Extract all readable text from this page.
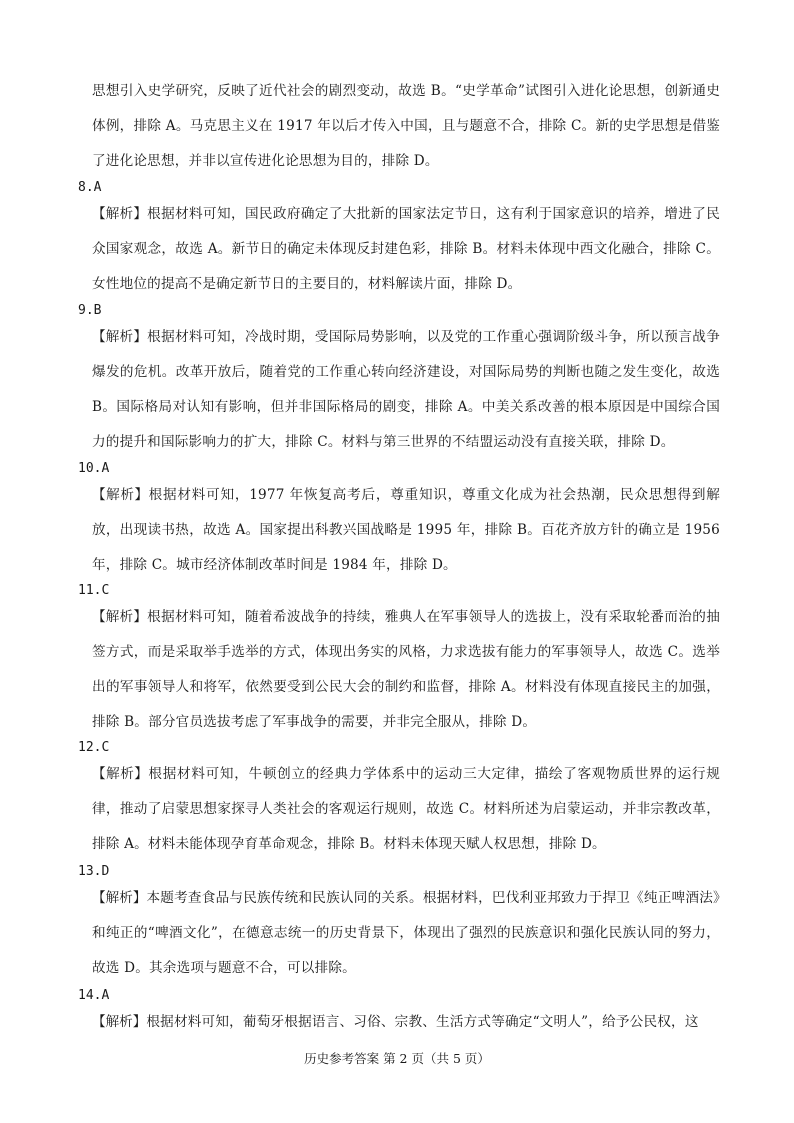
思想引入史学研究，反映了近代社会的剧烈变动，故选 B。“史学革命”试图引入进化论思想，创新通史体例，排除 A。马克思主义在 1917 年以后才传入中国，且与题意不合，排除 C。新的史学思想是借鉴了进化论思想，并非以宣传进化论思想为目的，排除 D。

8.A

【解析】根据材料可知，国民政府确定了大批新的国家法定节日，这有利于国家意识的培养，增进了民众国家观念，故选 A。新节日的确定未体现反封建色彩，排除 B。材料未体现中西文化融合，排除 C。女性地位的提高不是确定新节日的主要目的，材料解读片面，排除 D。

9.B

【解析】根据材料可知，冷战时期，受国际局势影响，以及党的工作重心强调阶级斗争，所以预言战争爆发的危机。改革开放后，随着党的工作重心转向经济建设，对国际局势的判断也随之发生变化，故选 B。国际格局对认知有影响，但并非国际格局的剧变，排除 A。中美关系改善的根本原因是中国综合国力的提升和国际影响力的扩大，排除 C。材料与第三世界的不结盟运动没有直接关联，排除 D。

10.A

【解析】根据材料可知，1977 年恢复高考后，尊重知识，尊重文化成为社会热潮，民众思想得到解放，出现读书热，故选 A。国家提出科教兴国战略是 1995 年，排除 B。百花齐放方针的确立是 1956 年，排除 C。城市经济体制改革时间是 1984 年，排除 D。

11.C

【解析】根据材料可知，随着希波战争的持续，雅典人在军事领导人的选拔上，没有采取轮番而治的抽签方式，而是采取举手选举的方式，体现出务实的风格，力求选拔有能力的军事领导人，故选 C。选举出的军事领导人和将军，依然要受到公民大会的制约和监督，排除 A。材料没有体现直接民主的加强，排除 B。部分官员选拔考虑了军事战争的需要，并非完全服从，排除 D。

12.C

【解析】根据材料可知，牛顿创立的经典力学体系中的运动三大定律，描绘了客观物质世界的运行规律，推动了启蒙思想家探寻人类社会的客观运行规则，故选 C。材料所述为启蒙运动，并非宗教改革，排除 A。材料未能体现孕育革命观念，排除 B。材料未体现天赋人权思想，排除 D。

13.D

【解析】本题考查食品与民族传统和民族认同的关系。根据材料，巴伐利亚邦致力于捍卫《纯正啤酒法》和纯正的“啤酒文化”，在德意志统一的历史背景下，体现出了强烈的民族意识和强化民族认同的努力，故选 D。其余选项与题意不合，可以排除。

14.A

【解析】根据材料可知，葡萄牙根据语言、习俗、宗教、生活方式等确定“文明人”，给予公民权，这

历史参考答案 第 2 页（共 5 页）
